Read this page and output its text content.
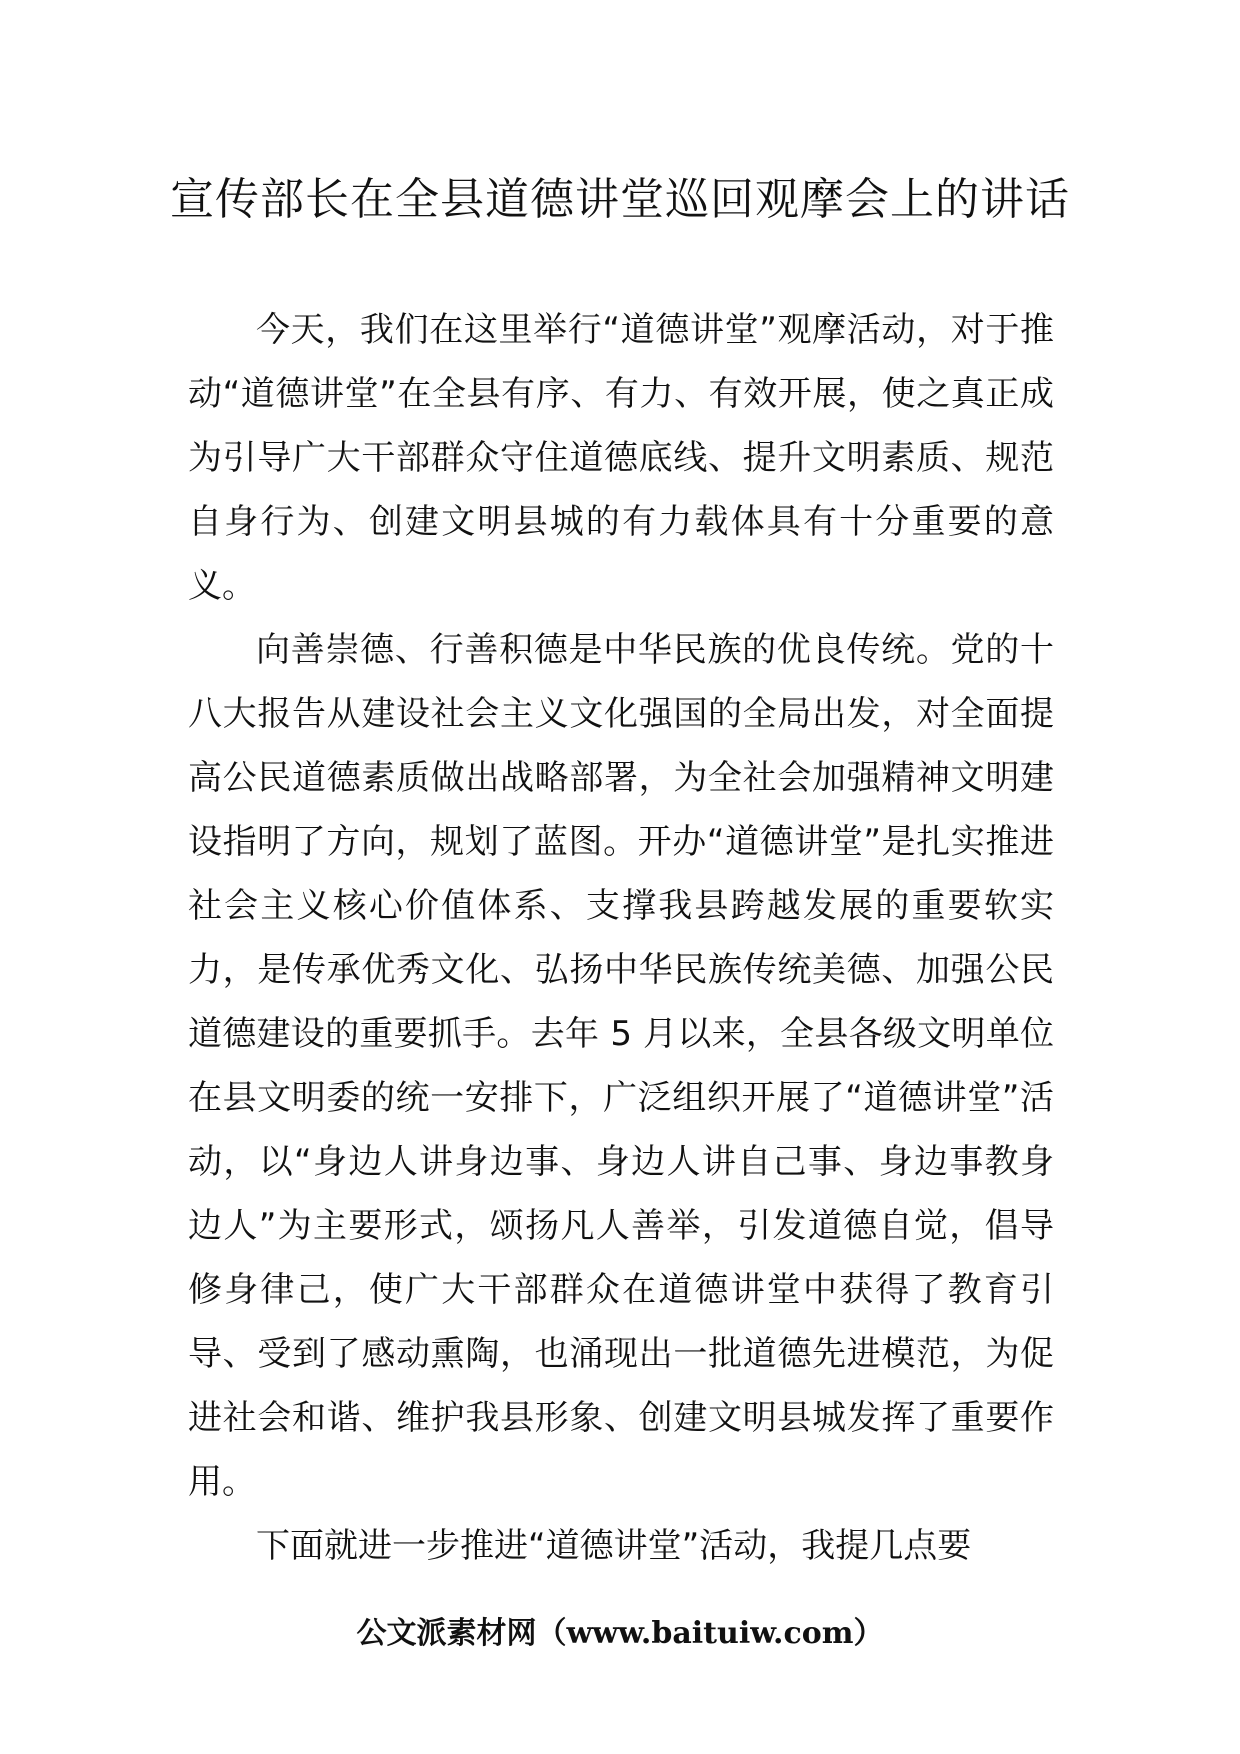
宣传部长在全县道德讲堂巡回观摩会上的讲话

今天，我们在这里举行“道德讲堂”观摩活动，对于推动“道德讲堂”在全县有序、有力、有效开展，使之真正成为引导广大干部群众守住道德底线、提升文明素质、规范自身行为、创建文明县城的有力载体具有十分重要的意义。

向善崇德、行善积德是中华民族的优良传统。党的十八大报告从建设社会主义文化强国的全局出发，对全面提高公民道德素质做出战略部署，为全社会加强精神文明建设指明了方向，规划了蓝图。开办“道德讲堂”是扎实推进社会主义核心价值体系、支撑我县跨越发展的重要软实力，是传承优秀文化、弘扬中华民族传统美德、加强公民道德建设的重要抓手。去年 5 月以来，全县各级文明单位在县文明委的统一安排下，广泛组织开展了“道德讲堂”活动，以“身边人讲身边事、身边人讲自己事、身边事教身边人”为主要形式，颂扬凡人善举，引发道德自觉，倡导修身律己，使广大干部群众在道德讲堂中获得了教育引导、受到了感动熏陶，也涌现出一批道德先进模范，为促进社会和谐、维护我县形象、创建文明县城发挥了重要作用。

下面就进一步推进“道德讲堂”活动，我提几点要

公文派素材网（www.baituiw.com）
